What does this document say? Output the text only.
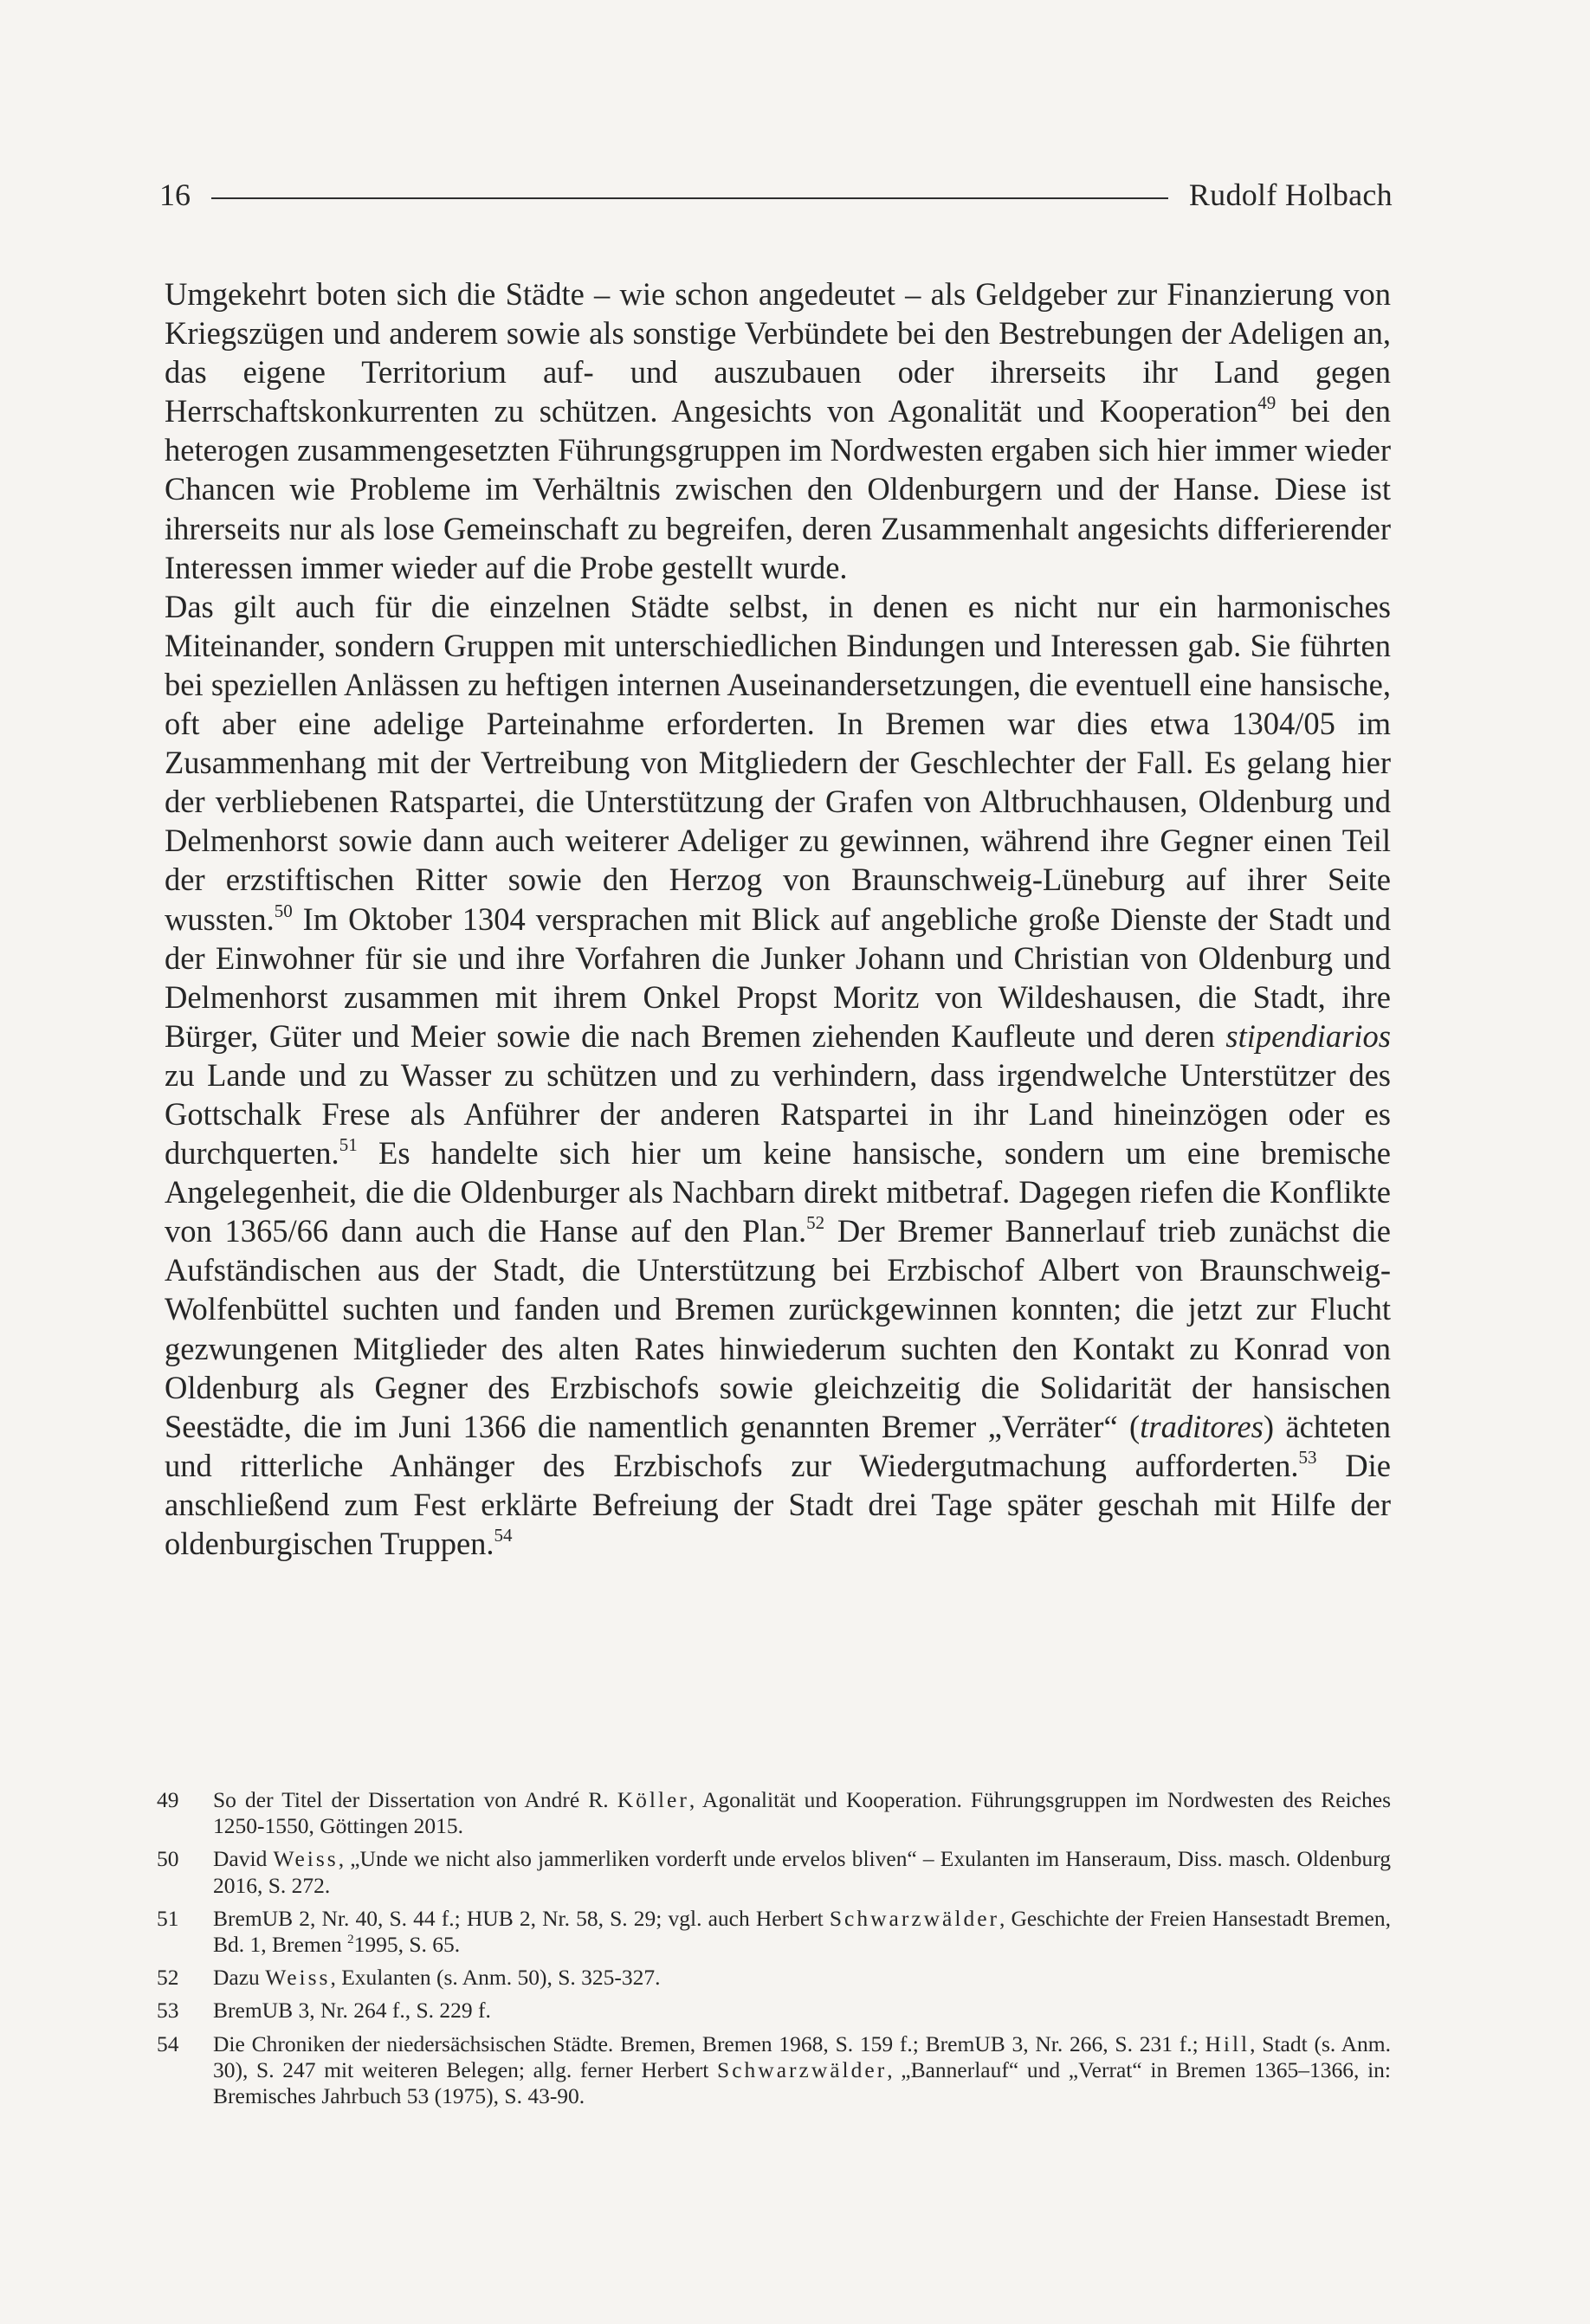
16	Rudolf Holbach

Umgekehrt boten sich die Städte – wie schon angedeutet – als Geldgeber zur Finanzierung von Kriegszügen und anderem sowie als sonstige Verbündete bei den Bestrebungen der Adeligen an, das eigene Territorium auf- und auszubauen oder ihrerseits ihr Land gegen Herrschaftskonkurrenten zu schützen. Angesichts von Agonalität und Kooperation$^{49}$ bei den heterogen zusammengesetzten Führungsgruppen im Nordwesten ergaben sich hier immer wieder Chancen wie Probleme im Verhältnis zwischen den Oldenburgern und der Hanse. Diese ist ihrerseits nur als lose Gemeinschaft zu begreifen, deren Zusammenhalt angesichts differierender Interessen immer wieder auf die Probe gestellt wurde.

Das gilt auch für die einzelnen Städte selbst, in denen es nicht nur ein harmonisches Miteinander, sondern Gruppen mit unterschiedlichen Bindungen und Interessen gab. Sie führten bei speziellen Anlässen zu heftigen internen Auseinandersetzungen, die eventuell eine hansische, oft aber eine adelige Parteinahme erforderten. In Bremen war dies etwa 1304/05 im Zusammenhang mit der Vertreibung von Mitgliedern der Geschlechter der Fall. Es gelang hier der verbliebenen Ratspartei, die Unterstützung der Grafen von Altbruchhausen, Oldenburg und Delmenhorst sowie dann auch weiterer Adeliger zu gewinnen, während ihre Gegner einen Teil der erzstiftischen Ritter sowie den Herzog von Braunschweig-Lüneburg auf ihrer Seite wussten.$^{50}$ Im Oktober 1304 versprachen mit Blick auf angebliche große Dienste der Stadt und der Einwohner für sie und ihre Vorfahren die Junker Johann und Christian von Oldenburg und Delmenhorst zusammen mit ihrem Onkel Propst Moritz von Wildeshausen, die Stadt, ihre Bürger, Güter und Meier sowie die nach Bremen ziehenden Kaufleute und deren stipendiarios zu Lande und zu Wasser zu schützen und zu verhindern, dass irgendwelche Unterstützer des Gottschalk Frese als Anführer der anderen Ratspartei in ihr Land hineinzögen oder es durchquerten.$^{51}$ Es handelte sich hier um keine hansische, sondern um eine bremische Angelegenheit, die die Oldenburger als Nachbarn direkt mitbetraf. Dagegen riefen die Konflikte von 1365/66 dann auch die Hanse auf den Plan.$^{52}$ Der Bremer Bannerlauf trieb zunächst die Aufständischen aus der Stadt, die Unterstützung bei Erzbischof Albert von Braunschweig-Wolfenbüttel suchten und fanden und Bremen zurückgewinnen konnten; die jetzt zur Flucht gezwungenen Mitglieder des alten Rates hinwiederum suchten den Kontakt zu Konrad von Oldenburg als Gegner des Erzbischofs sowie gleichzeitig die Solidarität der hansischen Seestädte, die im Juni 1366 die namentlich genannten Bremer „Verräter“ (traditores) ächteten und ritterliche Anhänger des Erzbischofs zur Wiedergutmachung aufforderten.$^{53}$ Die anschließend zum Fest erklärte Befreiung der Stadt drei Tage später geschah mit Hilfe der oldenburgischen Truppen.$^{54}$

49	So der Titel der Dissertation von André R. Köller, Agonalität und Kooperation. Führungsgruppen im Nordwesten des Reiches 1250-1550, Göttingen 2015.
50	David Weiss, „Unde we nicht also jammerliken vorderft unde ervelos bliven“ – Exulanten im Hanseraum, Diss. masch. Oldenburg 2016, S. 272.
51	BremUB 2, Nr. 40, S. 44 f.; HUB 2, Nr. 58, S. 29; vgl. auch Herbert Schwarzwälder, Geschichte der Freien Hansestadt Bremen, Bd. 1, Bremen $^2$1995, S. 65.
52	Dazu Weiss, Exulanten (s. Anm. 50), S. 325-327.
53	BremUB 3, Nr. 264 f., S. 229 f.
54	Die Chroniken der niedersächsischen Städte. Bremen, Bremen 1968, S. 159 f.; BremUB 3, Nr. 266, S. 231 f.; Hill, Stadt (s. Anm. 30), S. 247 mit weiteren Belegen; allg. ferner Herbert Schwarzwälder, „Bannerlauf“ und „Verrat“ in Bremen 1365–1366, in: Bremisches Jahrbuch 53 (1975), S. 43-90.
